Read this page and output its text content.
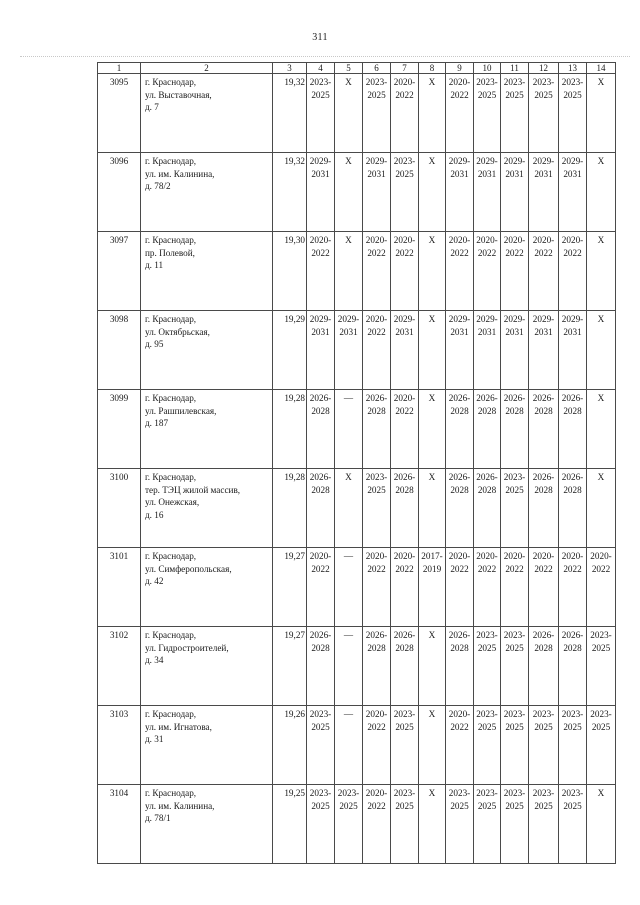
311
1	2	3	4	5	6	7	8	9	10	11	12	13	14
3095	г. Краснодар,
ул. Выставочная,
д. 7	19,32	2023-
2025	X	2023-
2025	2020-
2022	X	2020-
2022	2023-
2025	2023-
2025	2023-
2025	2023-
2025	X
3096	г. Краснодар,
ул. им. Калинина,
д. 78/2	19,32	2029-
2031	X	2029-
2031	2023-
2025	X	2029-
2031	2029-
2031	2029-
2031	2029-
2031	2029-
2031	X
3097	г. Краснодар,
пр. Полевой,
д. 11	19,30	2020-
2022	X	2020-
2022	2020-
2022	X	2020-
2022	2020-
2022	2020-
2022	2020-
2022	2020-
2022	X
3098	г. Краснодар,
ул. Октябрьская,
д. 95	19,29	2029-
2031	2029-
2031	2020-
2022	2029-
2031	X	2029-
2031	2029-
2031	2029-
2031	2029-
2031	2029-
2031	X
3099	г. Краснодар,
ул. Рашпилевская,
д. 187	19,28	2026-
2028	—	2026-
2028	2020-
2022	X	2026-
2028	2026-
2028	2026-
2028	2026-
2028	2026-
2028	X
3100	г. Краснодар,
тер. ТЭЦ жилой массив,
ул. Онежская,
д. 16	19,28	2026-
2028	X	2023-
2025	2026-
2028	X	2026-
2028	2026-
2028	2023-
2025	2026-
2028	2026-
2028	X
3101	г. Краснодар,
ул. Симферопольская,
д. 42	19,27	2020-
2022	—	2020-
2022	2020-
2022	2017-
2019	2020-
2022	2020-
2022	2020-
2022	2020-
2022	2020-
2022	2020-
2022
3102	г. Краснодар,
ул. Гидростроителей,
д. 34	19,27	2026-
2028	—	2026-
2028	2026-
2028	X	2026-
2028	2023-
2025	2023-
2025	2026-
2028	2026-
2028	2023-
2025
3103	г. Краснодар,
ул. им. Игнатова,
д. 31	19,26	2023-
2025	—	2020-
2022	2023-
2025	X	2020-
2022	2023-
2025	2023-
2025	2023-
2025	2023-
2025	2023-
2025
3104	г. Краснодар,
ул. им. Калинина,
д. 78/1	19,25	2023-
2025	2023-
2025	2020-
2022	2023-
2025	X	2023-
2025	2023-
2025	2023-
2025	2023-
2025	2023-
2025	X
